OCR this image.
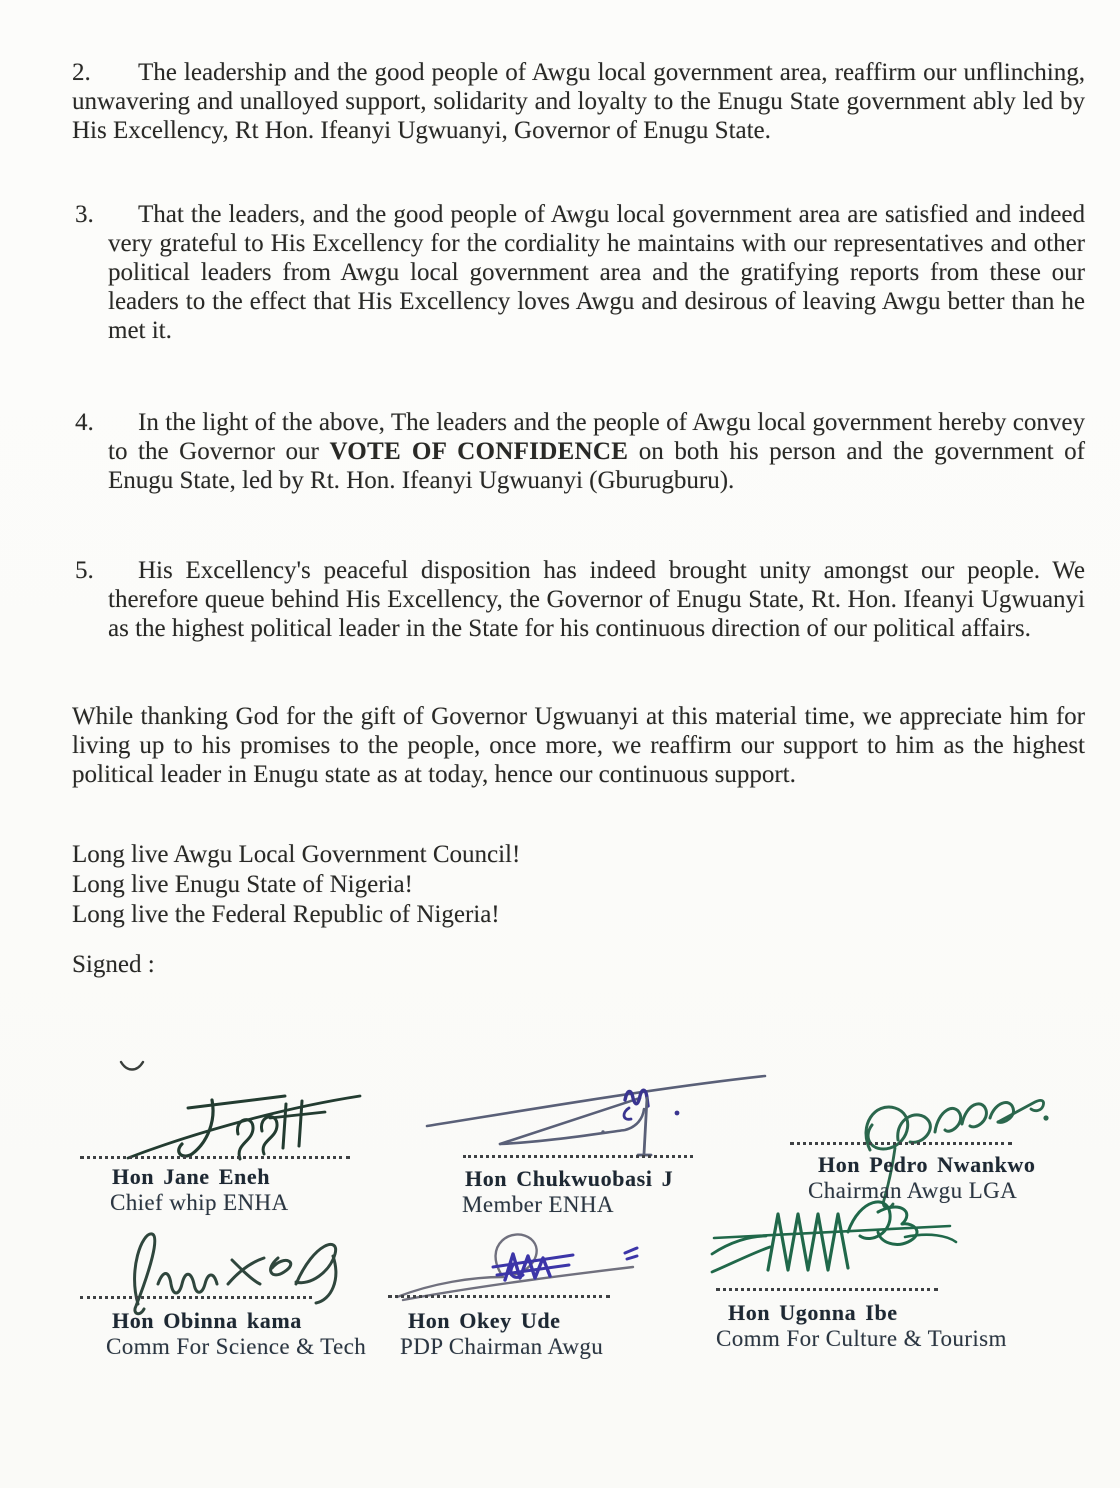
2. The leadership and the good people of Awgu local government area, reaffirm our unflinching, unwavering and unalloyed support, solidarity and loyalty to the Enugu State government ably led by His Excellency, Rt Hon. Ifeanyi Ugwuanyi, Governor of Enugu State.
3.	That the leaders, and the good people of Awgu local government area are satisfied and indeed very grateful to His Excellency for the cordiality he maintains with our representatives and other political leaders from Awgu local government area and the gratifying reports from these our leaders to the effect that His Excellency loves Awgu and desirous of leaving Awgu better than he met it.
4.	In the light of the above, The leaders and the people of Awgu local government hereby convey to the Governor our VOTE OF CONFIDENCE on both his person and the government of Enugu State, led by Rt. Hon. Ifeanyi Ugwuanyi (Gburugburu).
5.	His Excellency's peaceful disposition has indeed brought unity amongst our people. We therefore queue behind His Excellency, the Governor of Enugu State, Rt. Hon. Ifeanyi Ugwuanyi as the highest political leader in the State for his continuous direction of our political affairs.
While thanking God for the gift of Governor Ugwuanyi at this material time, we appreciate him for living up to his promises to the people, once more, we reaffirm our support to him as the highest political leader in Enugu state as at today, hence our continuous support.
Long live Awgu Local Government Council!
Long live Enugu State of Nigeria!
Long live the Federal Republic of Nigeria!
Signed :
Hon Jane Eneh
Chief whip ENHA
Hon Chukwuobasi J
Member ENHA
Hon Pedro Nwankwo
Chairman Awgu LGA
Hon Obinna kama
Comm For Science & Tech
Hon Okey Ude
PDP Chairman Awgu
Hon Ugonna Ibe
Comm For Culture & Tourism
